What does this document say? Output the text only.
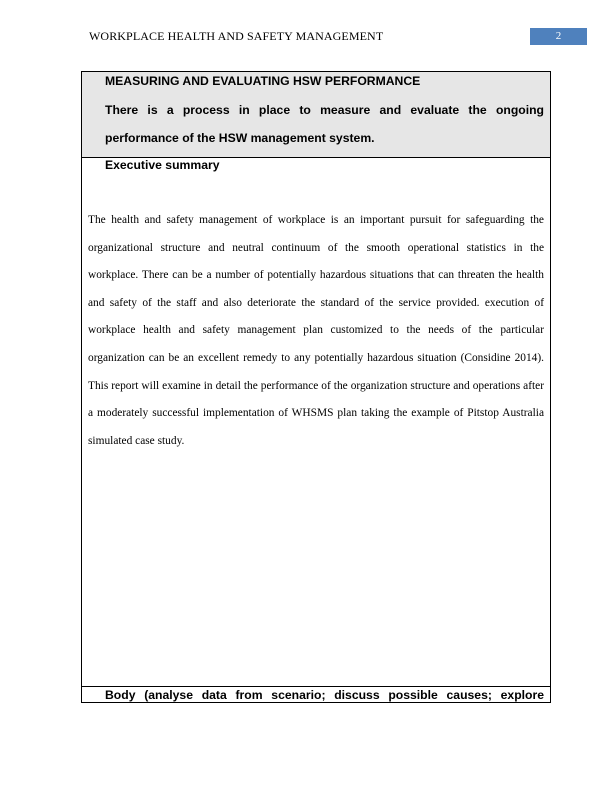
WORKPLACE HEALTH AND SAFETY MANAGEMENT	2
MEASURING AND EVALUATING HSW PERFORMANCE
There is a process in place to measure and evaluate the ongoing performance of the HSW management system.
Executive summary
The health and safety management of workplace is an important pursuit for safeguarding the organizational structure and neutral continuum of the smooth operational statistics in the workplace. There can be a number of potentially hazardous situations that can threaten the health and safety of the staff and also deteriorate the standard of the service provided. execution of workplace health and safety management plan customized to the needs of the particular organization can be an excellent remedy to any potentially hazardous situation (Considine 2014). This report will examine in detail the performance of the organization structure and operations after a moderately successful implementation of WHSMS plan taking the example of Pitstop Australia simulated case study.
Body (analyse data from scenario; discuss possible causes; explore
